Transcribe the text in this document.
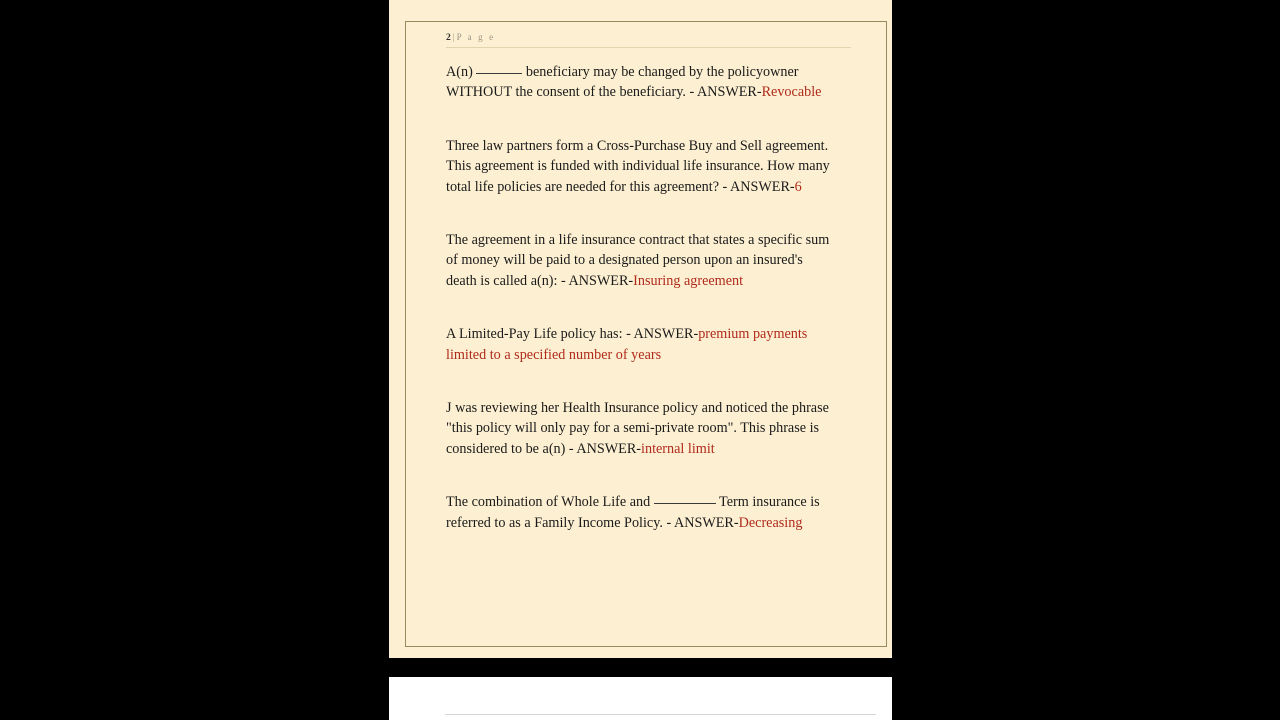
2 | P a g e

A(n)	beneficiary may be changed by the policyowner WITHOUT the consent of the beneficiary. - ANSWER-Revocable

Three law partners form a Cross-Purchase Buy and Sell agreement. This agreement is funded with individual life insurance. How many total life policies are needed for this agreement? - ANSWER-6

The agreement in a life insurance contract that states a specific sum of money will be paid to a designated person upon an insured's death is called a(n): - ANSWER-Insuring agreement

A Limited-Pay Life policy has: - ANSWER-premium payments limited to a specified number of years

J was reviewing her Health Insurance policy and noticed the phrase "this policy will only pay for a semi-private room". This phrase is considered to be a(n) - ANSWER-internal limit

The combination of Whole Life and	Term insurance is referred to as a Family Income Policy. - ANSWER-Decreasing
